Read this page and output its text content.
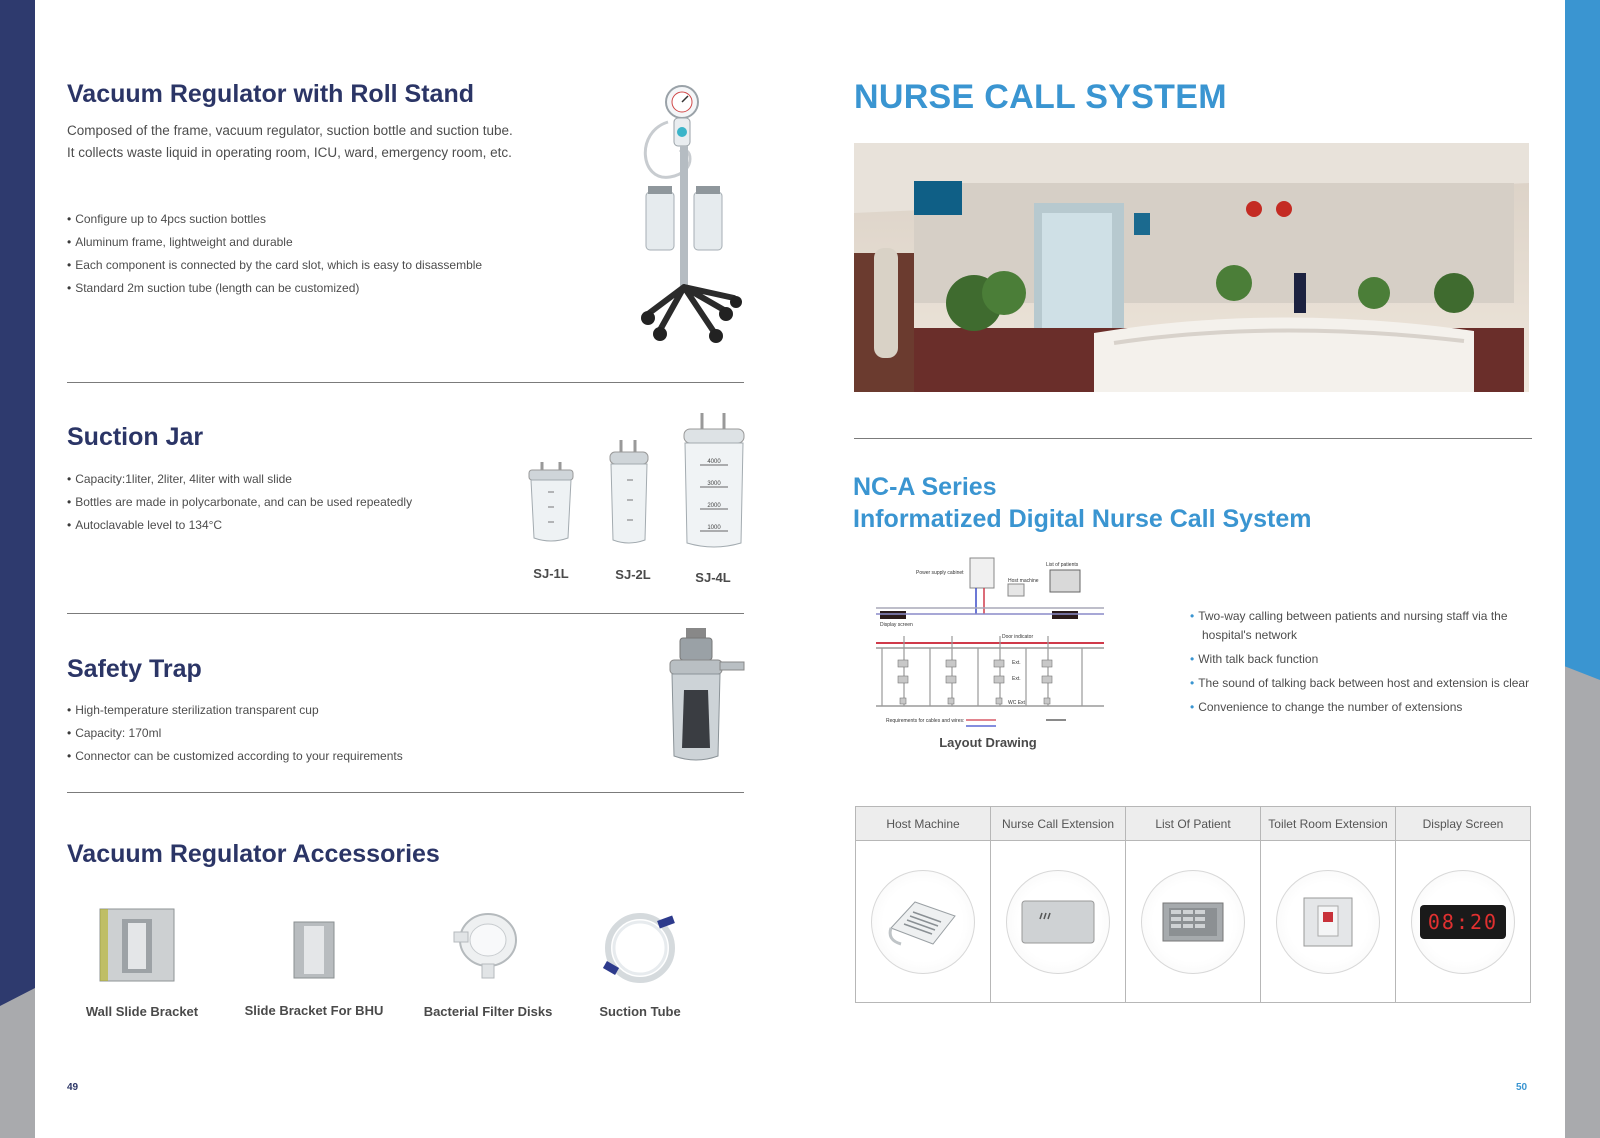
Vacuum Regulator with Roll Stand

Composed of the frame, vacuum regulator, suction bottle and suction tube.

It collects waste liquid in operating room, ICU, ward, emergency room, etc.

• Configure up to 4pcs suction bottles
• Aluminum frame, lightweight and durable
• Each component is connected by the card slot, which is easy to disassemble
• Standard 2m suction tube (length can be customized)
Suction Jar
• Capacity:1liter, 2liter, 4liter with wall slide
• Bottles are made in polycarbonate, and can be used repeatedly
• Autoclavable level to 134°C
4000
3000
2000
1000
SJ-1L	SJ-2L	SJ-4L
Safety Trap
• High-temperature sterilization transparent cup
• Capacity: 170ml
• Connector can be customized according to your requirements
Vacuum Regulator Accessories
Wall Slide Bracket	Slide Bracket For BHU	Bacterial Filter Disks	Suction Tube
49
NURSE CALL SYSTEM
NC-A Series
Informatized Digital Nurse Call System
Power supply cabinet
List of patients
Host machine
Display screen
Door indicator
Ext.
Ext.
WC Ext.
Requirements for cables and wires:
Layout Drawing
• Two-way calling between patients and nursing staff via the hospital's network
• With talk back function
• The sound of talking back between host and extension is clear
• Convenience to change the number of extensions
Host Machine	Nurse Call Extension	List Of Patient	Toilet Room Extension	Display Screen
08:20
50
